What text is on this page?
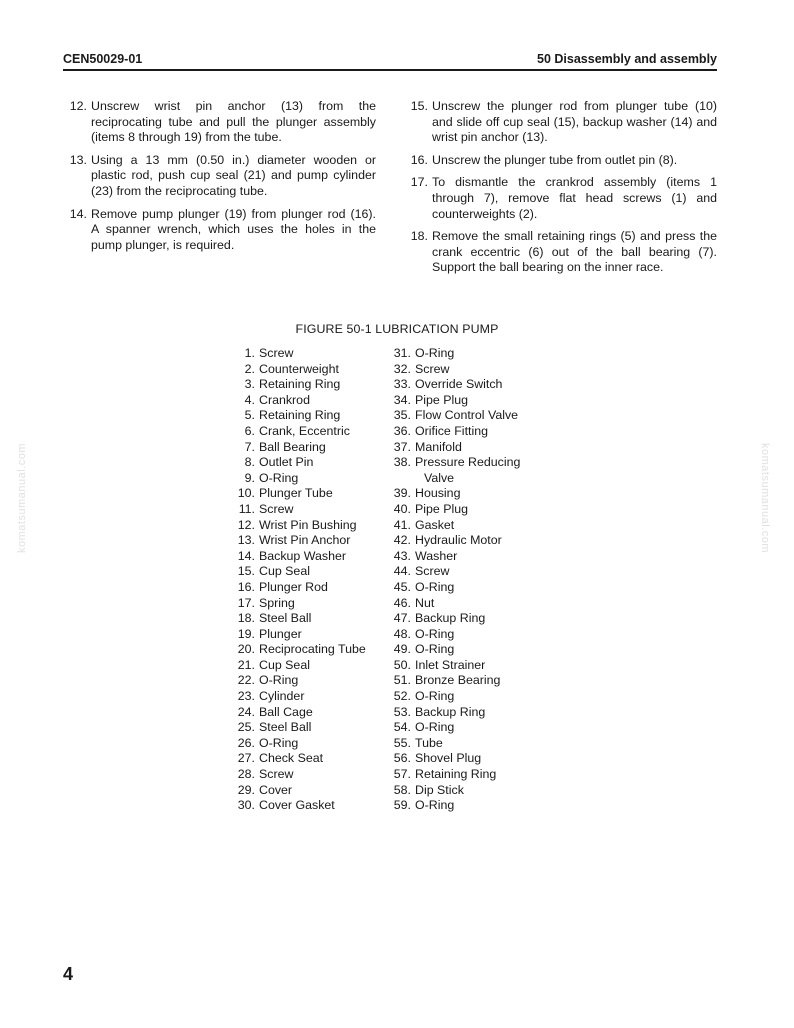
CEN50029-01	50 Disassembly and assembly
12. Unscrew wrist pin anchor (13) from the reciprocating tube and pull the plunger assembly (items 8 through 19) from the tube.
13. Using a 13 mm (0.50 in.) diameter wooden or plastic rod, push cup seal (21) and pump cylinder (23) from the reciprocating tube.
14. Remove pump plunger (19) from plunger rod (16). A spanner wrench, which uses the holes in the pump plunger, is required.
15. Unscrew the plunger rod from plunger tube (10) and slide off cup seal (15), backup washer (14) and wrist pin anchor (13).
16. Unscrew the plunger tube from outlet pin (8).
17. To dismantle the crankrod assembly (items 1 through 7), remove flat head screws (1) and counterweights (2).
18. Remove the small retaining rings (5) and press the crank eccentric (6) out of the ball bearing (7). Support the ball bearing on the inner race.
FIGURE 50-1 LUBRICATION PUMP
1. Screw
2. Counterweight
3. Retaining Ring
4. Crankrod
5. Retaining Ring
6. Crank, Eccentric
7. Ball Bearing
8. Outlet Pin
9. O-Ring
10. Plunger Tube
11. Screw
12. Wrist Pin Bushing
13. Wrist Pin Anchor
14. Backup Washer
15. Cup Seal
16. Plunger Rod
17. Spring
18. Steel Ball
19. Plunger
20. Reciprocating Tube
21. Cup Seal
22. O-Ring
23. Cylinder
24. Ball Cage
25. Steel Ball
26. O-Ring
27. Check Seat
28. Screw
29. Cover
30. Cover Gasket
31. O-Ring
32. Screw
33. Override Switch
34. Pipe Plug
35. Flow Control Valve
36. Orifice Fitting
37. Manifold
38. Pressure Reducing
Valve
39. Housing
40. Pipe Plug
41. Gasket
42. Hydraulic Motor
43. Washer
44. Screw
45. O-Ring
46. Nut
47. Backup Ring
48. O-Ring
49. O-Ring
50. Inlet Strainer
51. Bronze Bearing
52. O-Ring
53. Backup Ring
54. O-Ring
55. Tube
56. Shovel Plug
57. Retaining Ring
58. Dip Stick
59. O-Ring
komatsumanual.com	komatsumanual.com
4
